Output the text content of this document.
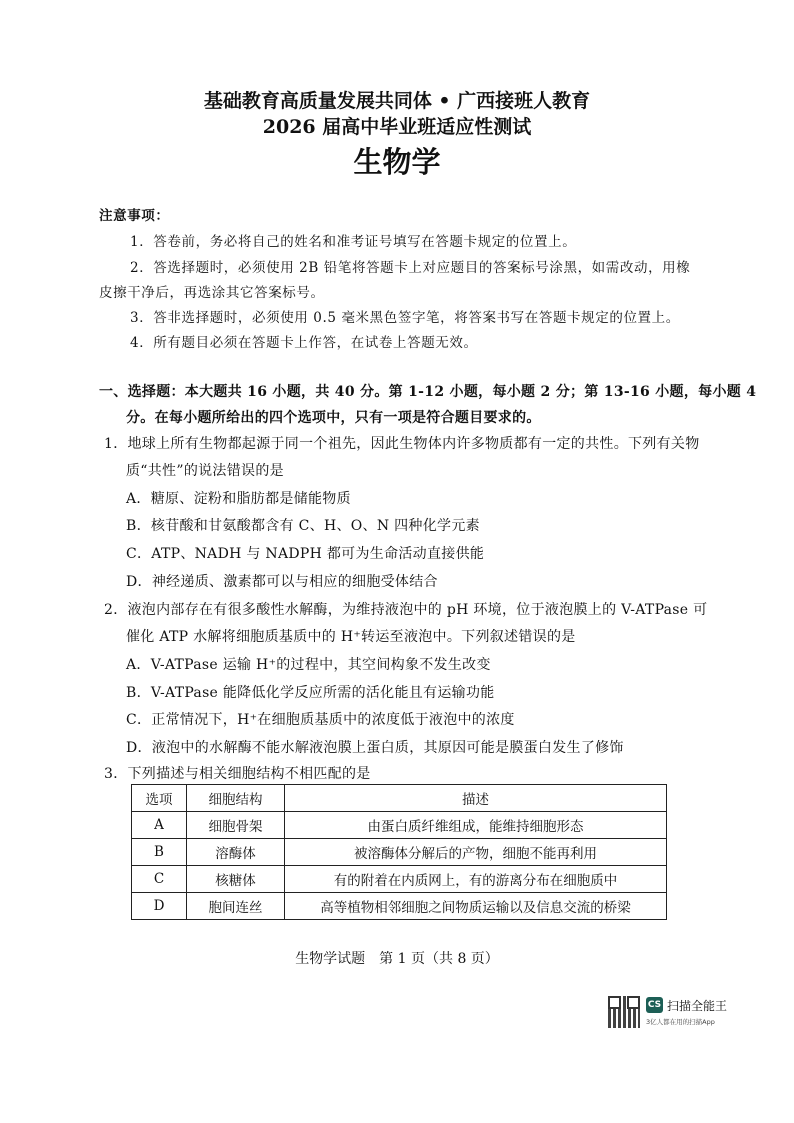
基础教育高质量发展共同体 • 广西接班人教育
2026 届高中毕业班适应性测试
生物学
注意事项：
1．答卷前，务必将自己的姓名和准考证号填写在答题卡规定的位置上。
2．答选择题时，必须使用 2B 铅笔将答题卡上对应题目的答案标号涂黑，如需改动，用橡
皮擦干净后，再选涂其它答案标号。
3．答非选择题时，必须使用 0.5 毫米黑色签字笔，将答案书写在答题卡规定的位置上。
4．所有题目必须在答题卡上作答，在试卷上答题无效。
一、选择题：本大题共 16 小题，共 40 分。第 1-12 小题，每小题 2 分；第 13-16 小题，每小题 4
分。在每小题所给出的四个选项中，只有一项是符合题目要求的。
1．地球上所有生物都起源于同一个祖先，因此生物体内许多物质都有一定的共性。下列有关物
质“共性”的说法错误的是
A．糖原、淀粉和脂肪都是储能物质
B．核苷酸和甘氨酸都含有 C、H、O、N 四种化学元素
C．ATP、NADH 与 NADPH 都可为生命活动直接供能
D．神经递质、激素都可以与相应的细胞受体结合
2．液泡内部存在有很多酸性水解酶，为维持液泡中的 pH 环境，位于液泡膜上的 V-ATPase 可
催化 ATP 水解将细胞质基质中的 H⁺转运至液泡中。下列叙述错误的是
A．V-ATPase 运输 H⁺的过程中，其空间构象不发生改变
B．V-ATPase 能降低化学反应所需的活化能且有运输功能
C．正常情况下，H⁺在细胞质基质中的浓度低于液泡中的浓度
D．液泡中的水解酶不能水解液泡膜上蛋白质，其原因可能是膜蛋白发生了修饰
3．下列描述与相关细胞结构不相匹配的是
选项	细胞结构	描述
A	细胞骨架	由蛋白质纤维组成，能维持细胞形态
B	溶酶体	被溶酶体分解后的产物，细胞不能再利用
C	核糖体	有的附着在内质网上，有的游离分布在细胞质中
D	胞间连丝	高等植物相邻细胞之间物质运输以及信息交流的桥梁
生物学试题　第 1 页（共 8 页）
CS 扫描全能王
3亿人都在用的扫描App
